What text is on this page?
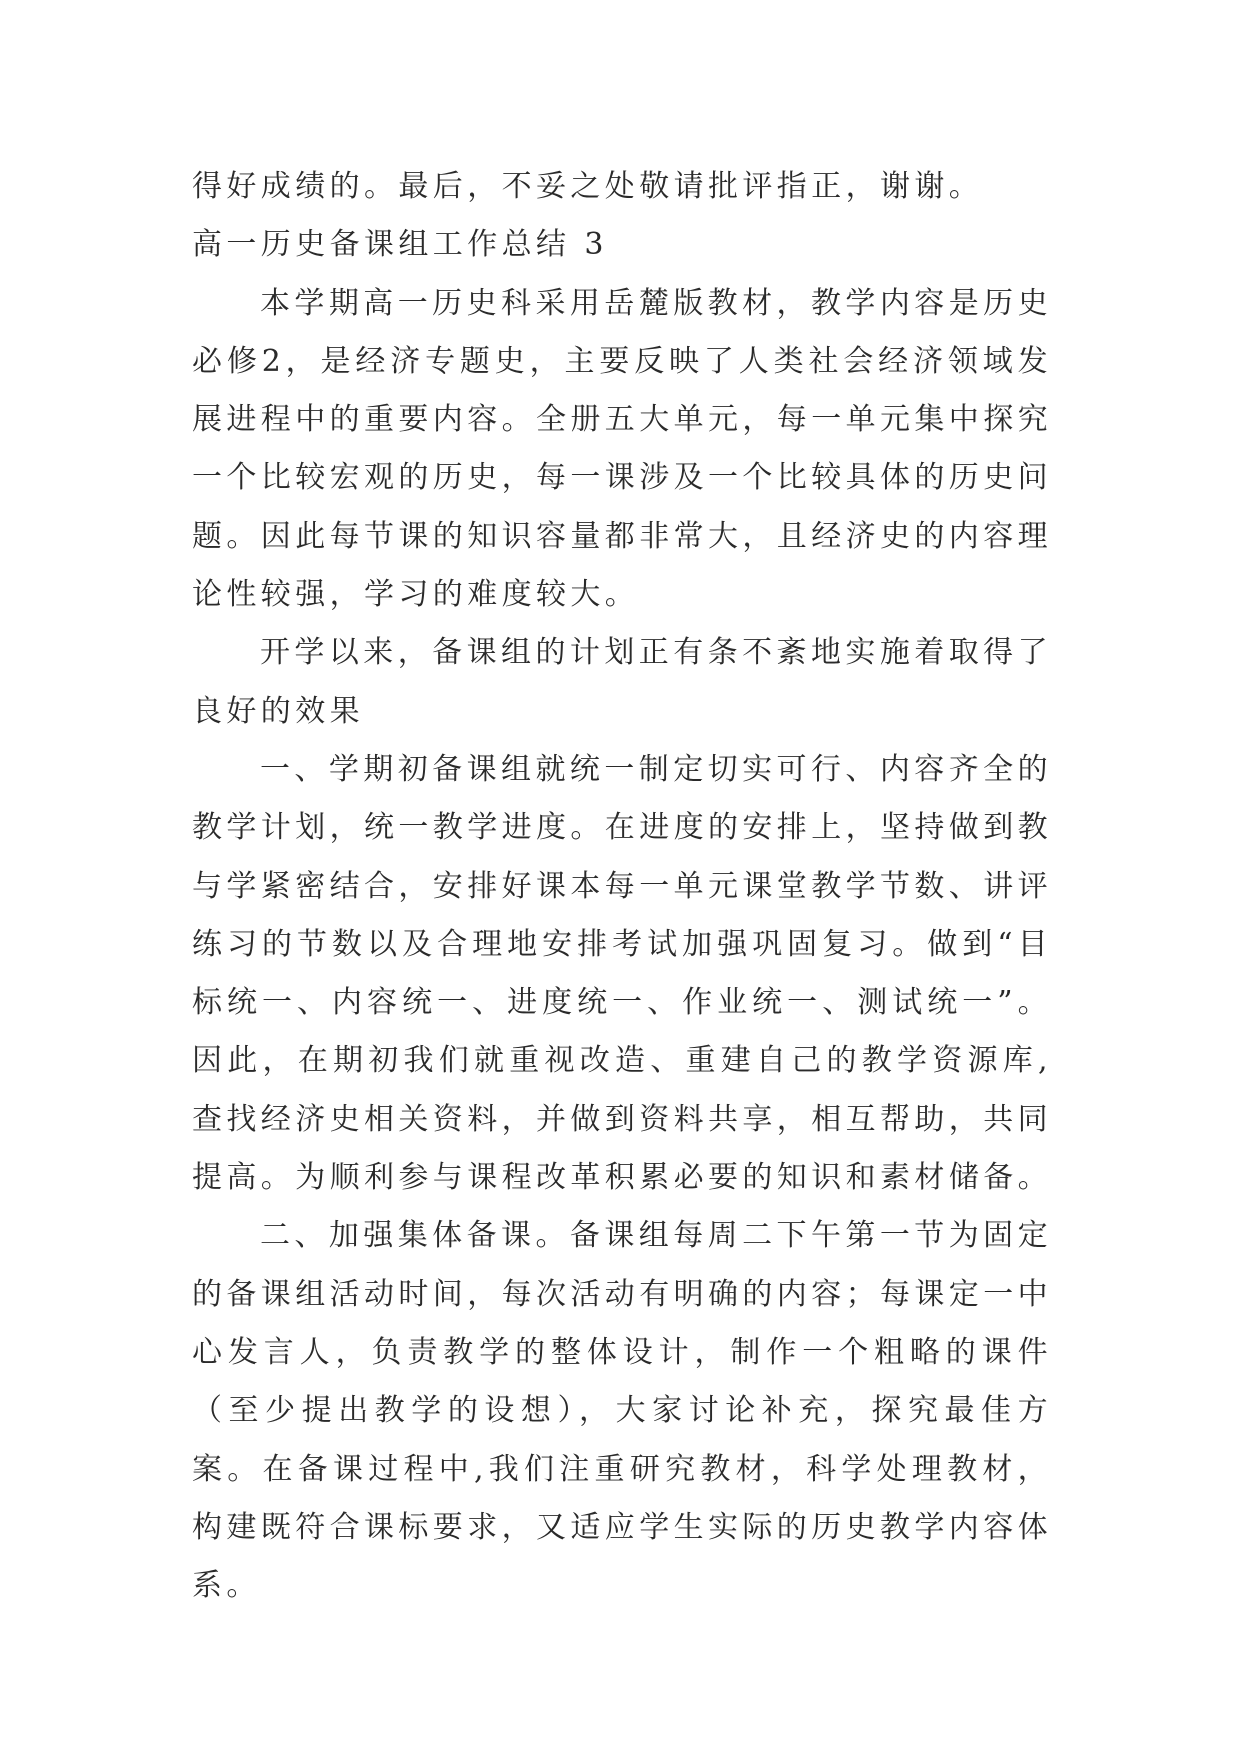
得好成绩的。最后，不妥之处敬请批评指正，谢谢。

高一历史备课组工作总结 3

本学期高一历史科采用岳麓版教材，教学内容是历史必修2，是经济专题史，主要反映了人类社会经济领域发展进程中的重要内容。全册五大单元，每一单元集中探究一个比较宏观的历史，每一课涉及一个比较具体的历史问题。因此每节课的知识容量都非常大，且经济史的内容理论性较强，学习的难度较大。

开学以来，备课组的计划正有条不紊地实施着取得了良好的效果

一、学期初备课组就统一制定切实可行、内容齐全的教学计划，统一教学进度。在进度的安排上，坚持做到教与学紧密结合，安排好课本每一单元课堂教学节数、讲评练习的节数以及合理地安排考试加强巩固复习。做到“目标统一、内容统一、进度统一、作业统一、测试统一”。因此，在期初我们就重视改造、重建自己的教学资源库,查找经济史相关资料，并做到资料共享，相互帮助，共同提高。为顺利参与课程改革积累必要的知识和素材储备。

二、加强集体备课。备课组每周二下午第一节为固定的备课组活动时间，每次活动有明确的内容；每课定一中心发言人，负责教学的整体设计，制作一个粗略的课件（至少提出教学的设想），大家讨论补充，探究最佳方案。在备课过程中,我们注重研究教材，科学处理教材，构建既符合课标要求，又适应学生实际的历史教学内容体系。
